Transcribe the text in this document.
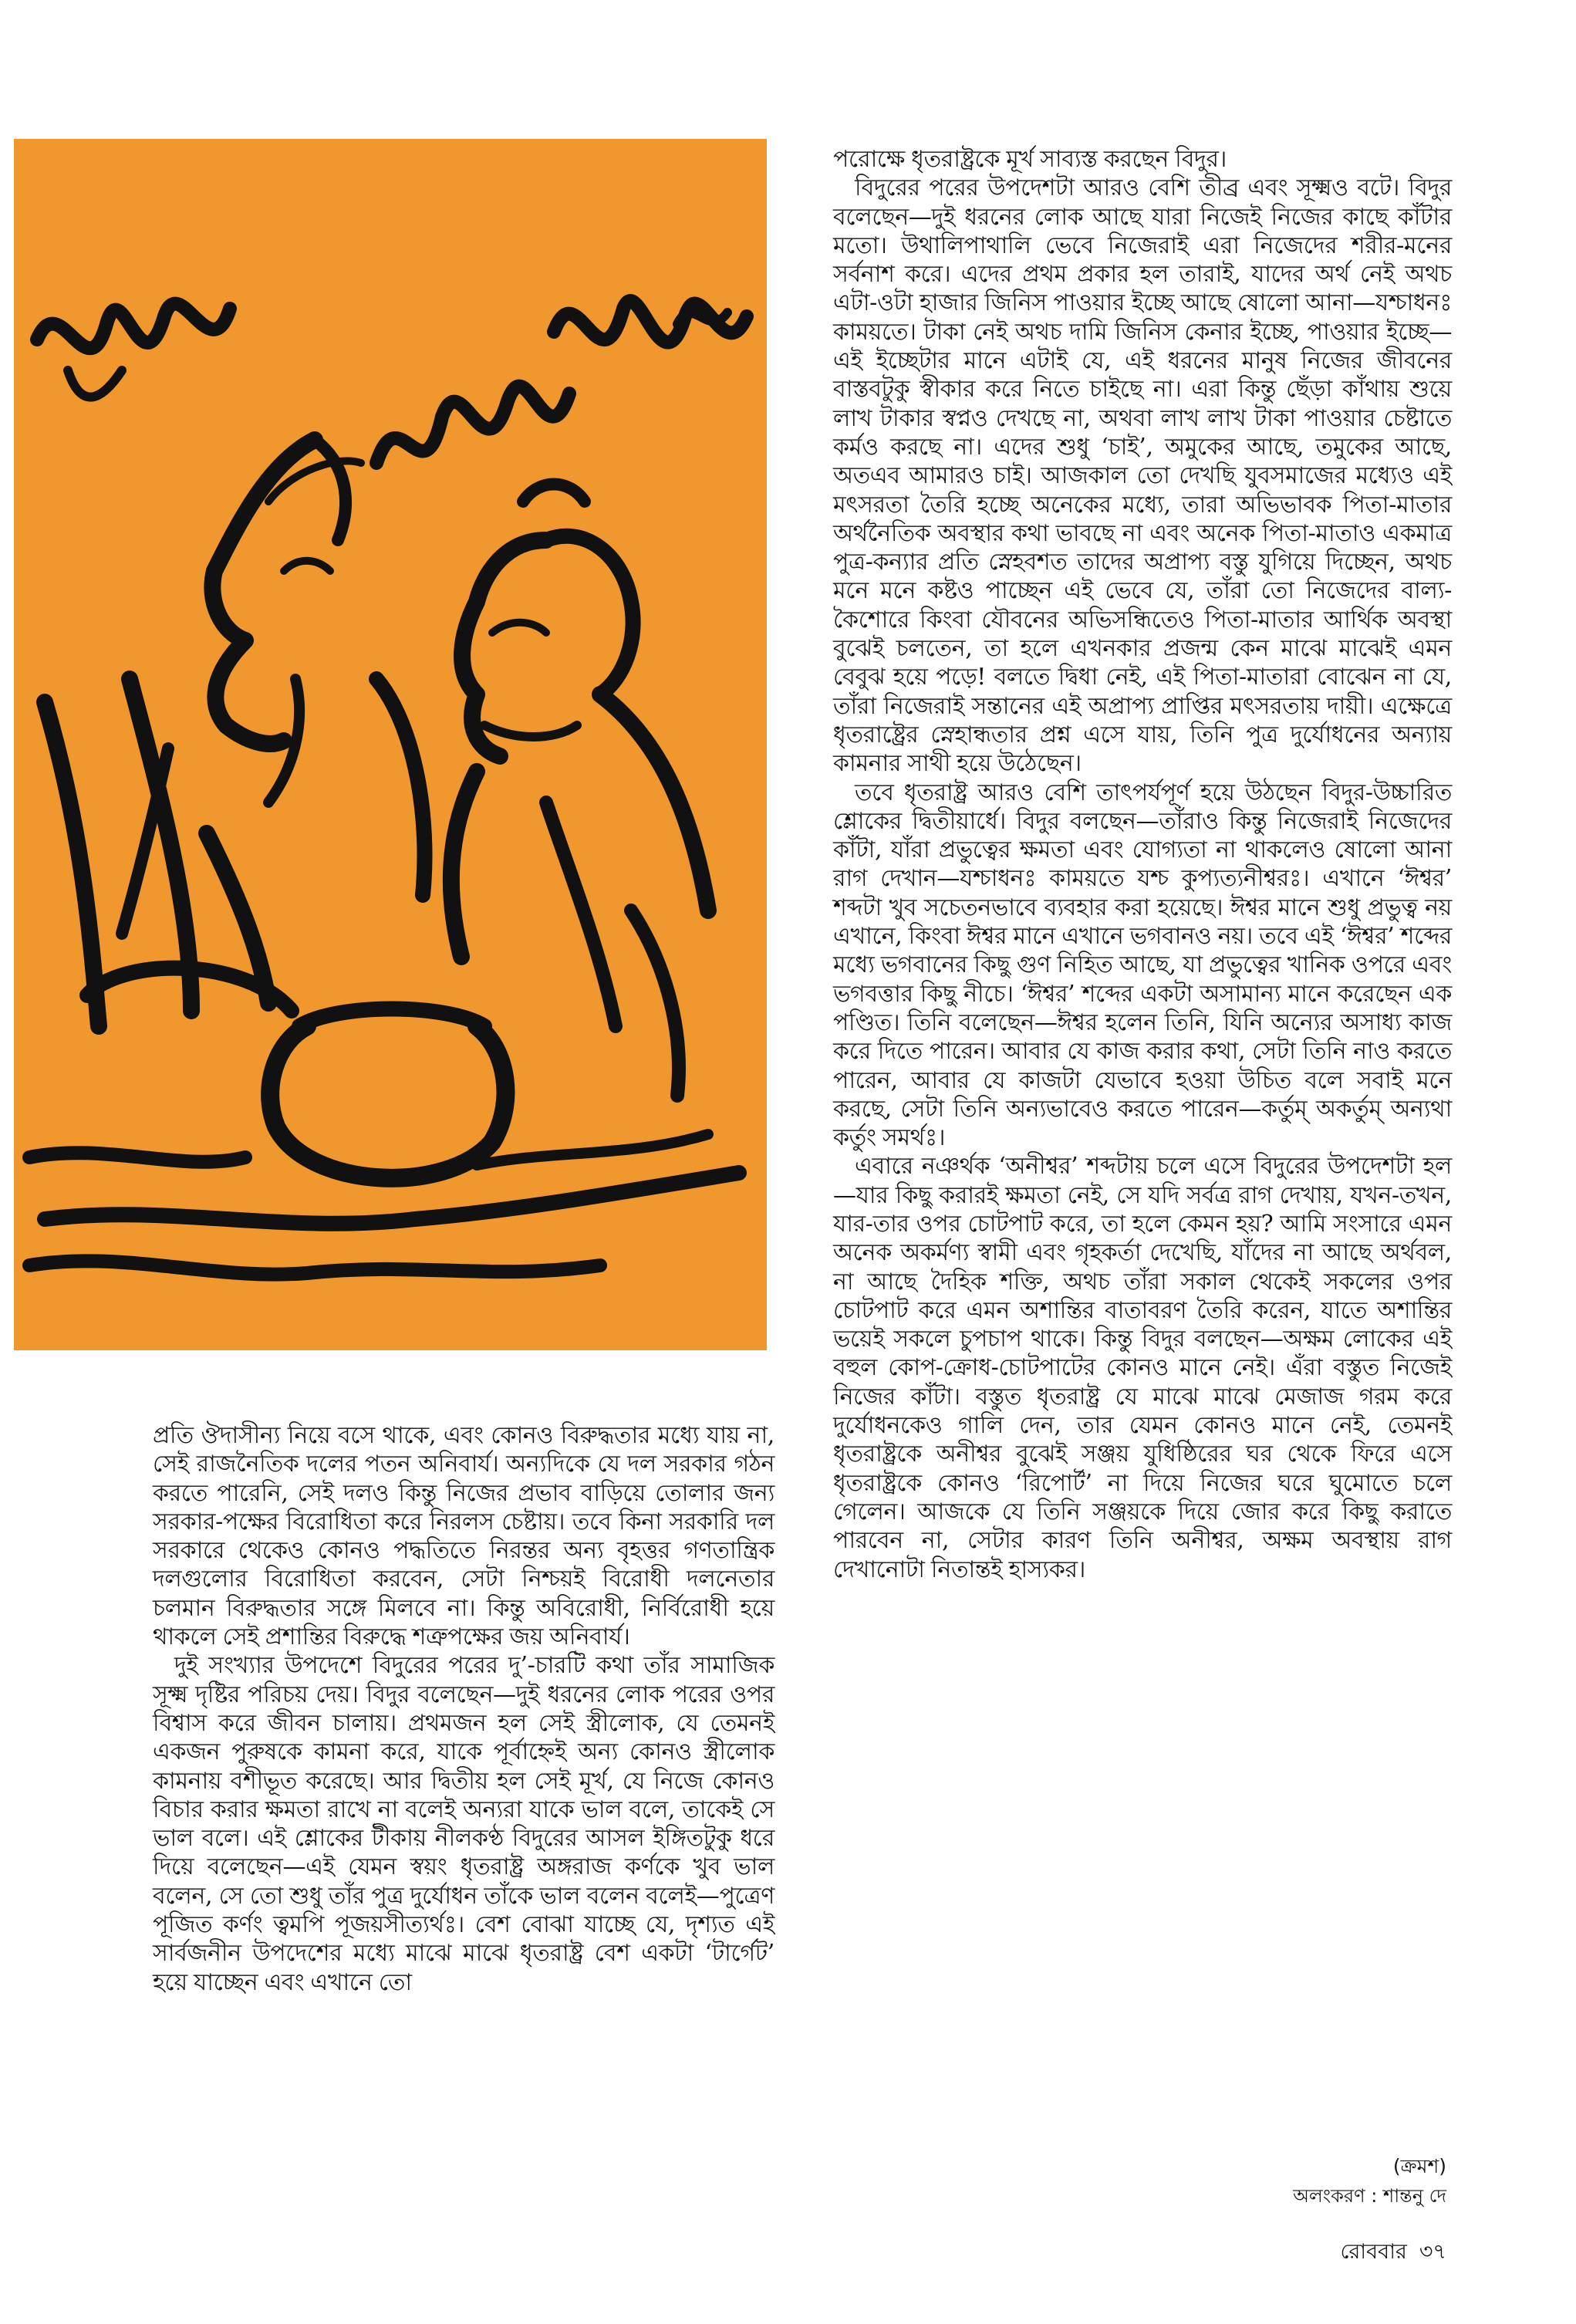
প্রতি ঔদাসীন্য নিয়ে বসে থাকে, এবং কোনও বিরুদ্ধতার মধ্যে যায় না, সেই রাজনৈতিক দলের পতন অনিবার্য। অন্যদিকে যে দল সরকার গঠন করতে পারেনি, সেই দলও কিন্তু নিজের প্রভাব বাড়িয়ে তোলার জন্য সরকার-পক্ষের বিরোধিতা করে নিরলস চেষ্টায়। তবে কিনা সরকারি দল সরকারে থেকেও কোনও পদ্ধতিতে নিরন্তর অন্য বৃহত্তর গণতান্ত্রিক দলগুলোর বিরোধিতা করবেন, সেটা নিশ্চয়ই বিরোধী দলনেতার চলমান বিরুদ্ধতার সঙ্গে মিলবে না। কিন্তু অবিরোধী, নির্বিরোধী হয়ে থাকলে সেই প্রশান্তির বিরুদ্ধে শত্রুপক্ষের জয় অনিবার্য।

দুই সংখ্যার উপদেশে বিদুরের পরের দু’-চারটি কথা তাঁর সামাজিক সূক্ষ্ম দৃষ্টির পরিচয় দেয়। বিদুর বলেছেন—দুই ধরনের লোক পরের ওপর বিশ্বাস করে জীবন চালায়। প্রথমজন হল সেই স্ত্রীলোক, যে তেমনই একজন পুরুষকে কামনা করে, যাকে পূর্বাহ্নেই অন্য কোনও স্ত্রীলোক কামনায় বশীভূত করেছে। আর দ্বিতীয় হল সেই মূর্খ, যে নিজে কোনও বিচার করার ক্ষমতা রাখে না বলেই অন্যরা যাকে ভাল বলে, তাকেই সে ভাল বলে। এই শ্লোকের টীকায় নীলকণ্ঠ বিদুরের আসল ইঙ্গিতটুকু ধরে দিয়ে বলেছেন—এই যেমন স্বয়ং ধৃতরাষ্ট্র অঙ্গরাজ কর্ণকে খুব ভাল বলেন, সে তো শুধু তাঁর পুত্র দুর্যোধন তাঁকে ভাল বলেন বলেই—পুত্রেণ পূজিত কর্ণং ত্বমপি পূজয়সীত্যর্থঃ। বেশ বোঝা যাচ্ছে যে, দৃশ্যত এই সার্বজনীন উপদেশের মধ্যে মাঝে মাঝে ধৃতরাষ্ট্র বেশ একটা ‘টার্গেট’ হয়ে যাচ্ছেন এবং এখানে তো

পরোক্ষে ধৃতরাষ্ট্রকে মূর্খ সাব্যস্ত করছেন বিদুর।

বিদুরের পরের উপদেশটা আরও বেশি তীব্র এবং সূক্ষ্মও বটে। বিদুর বলেছেন—দুই ধরনের লোক আছে যারা নিজেই নিজের কাছে কাঁটার মতো। উথালিপাথালি ভেবে নিজেরাই এরা নিজেদের শরীর-মনের সর্বনাশ করে। এদের প্রথম প্রকার হল তারাই, যাদের অর্থ নেই অথচ এটা-ওটা হাজার জিনিস পাওয়ার ইচ্ছে আছে ষোলো আনা—যশ্চাধনঃ কাময়তে। টাকা নেই অথচ দামি জিনিস কেনার ইচ্ছে, পাওয়ার ইচ্ছে—এই ইচ্ছেটার মানে এটাই যে, এই ধরনের মানুষ নিজের জীবনের বাস্তবটুকু স্বীকার করে নিতে চাইছে না। এরা কিন্তু ছেঁড়া কাঁথায় শুয়ে লাখ টাকার স্বপ্নও দেখছে না, অথবা লাখ লাখ টাকা পাওয়ার চেষ্টাতে কর্মও করছে না। এদের শুধু ‘চাই’, অমুকের আছে, তমুকের আছে, অতএব আমারও চাই। আজকাল তো দেখছি যুবসমাজের মধ্যেও এই মৎসরতা তৈরি হচ্ছে অনেকের মধ্যে, তারা অভিভাবক পিতা-মাতার অর্থনৈতিক অবস্থার কথা ভাবছে না এবং অনেক পিতা-মাতাও একমাত্র পুত্র-কন্যার প্রতি স্নেহবশত তাদের অপ্রাপ্য বস্তু যুগিয়ে দিচ্ছেন, অথচ মনে মনে কষ্টও পাচ্ছেন এই ভেবে যে, তাঁরা তো নিজেদের বাল্য-কৈশোরে কিংবা যৌবনের অভিসন্ধিতেও পিতা-মাতার আর্থিক অবস্থা বুঝেই চলতেন, তা হলে এখনকার প্রজন্ম কেন মাঝে মাঝেই এমন বেবুঝ হয়ে পড়ে! বলতে দ্বিধা নেই, এই পিতা-মাতারা বোঝেন না যে, তাঁরা নিজেরাই সন্তানের এই অপ্রাপ্য প্রাপ্তির মৎসরতায় দায়ী। এক্ষেত্রে ধৃতরাষ্ট্রের স্নেহান্ধতার প্রশ্ন এসে যায়, তিনি পুত্র দুর্যোধনের অন্যায় কামনার সাথী হয়ে উঠেছেন।

তবে ধৃতরাষ্ট্র আরও বেশি তাৎপর্যপূর্ণ হয়ে উঠছেন বিদুর-উচ্চারিত শ্লোকের দ্বিতীয়ার্ধে। বিদুর বলছেন—তাঁরাও কিন্তু নিজেরাই নিজেদের কাঁটা, যাঁরা প্রভুত্বের ক্ষমতা এবং যোগ্যতা না থাকলেও ষোলো আনা রাগ দেখান—যশ্চাধনঃ কাময়তে যশ্চ কুপ্যত্যনীশ্বরঃ। এখানে ‘ঈশ্বর’ শব্দটা খুব সচেতনভাবে ব্যবহার করা হয়েছে। ঈশ্বর মানে শুধু প্রভুত্ব নয় এখানে, কিংবা ঈশ্বর মানে এখানে ভগবানও নয়। তবে এই ‘ঈশ্বর’ শব্দের মধ্যে ভগবানের কিছু গুণ নিহিত আছে, যা প্রভুত্বের খানিক ওপরে এবং ভগবত্তার কিছু নীচে। ‘ঈশ্বর’ শব্দের একটা অসামান্য মানে করেছেন এক পণ্ডিত। তিনি বলেছেন—ঈশ্বর হলেন তিনি, যিনি অন্যের অসাধ্য কাজ করে দিতে পারেন। আবার যে কাজ করার কথা, সেটা তিনি নাও করতে পারেন, আবার যে কাজটা যেভাবে হওয়া উচিত বলে সবাই মনে করছে, সেটা তিনি অন্যভাবেও করতে পারেন—কর্তুম্‌ অকর্তুম্‌ অন্যথা কর্তুং সমর্থঃ।

এবারে নঞর্থক ‘অনীশ্বর’ শব্দটায় চলে এসে বিদুরের উপদেশটা হল—যার কিছু করারই ক্ষমতা নেই, সে যদি সর্বত্র রাগ দেখায়, যখন-তখন, যার-তার ওপর চোটপাট করে, তা হলে কেমন হয়? আমি সংসারে এমন অনেক অকর্মণ্য স্বামী এবং গৃহকর্তা দেখেছি, যাঁদের না আছে অর্থবল, না আছে দৈহিক শক্তি, অথচ তাঁরা সকাল থেকেই সকলের ওপর চোটপাট করে এমন অশান্তির বাতাবরণ তৈরি করেন, যাতে অশান্তির ভয়েই সকলে চুপচাপ থাকে। কিন্তু বিদুর বলছেন—অক্ষম লোকের এই বহুল কোপ-ক্রোধ-চোটপাটের কোনও মানে নেই। এঁরা বস্তুত নিজেই নিজের কাঁটা। বস্তুত ধৃতরাষ্ট্র যে মাঝে মাঝে মেজাজ গরম করে দুর্যোধনকেও গালি দেন, তার যেমন কোনও মানে নেই, তেমনই ধৃতরাষ্ট্রকে অনীশ্বর বুঝেই সঞ্জয় যুধিষ্ঠিরের ঘর থেকে ফিরে এসে ধৃতরাষ্ট্রকে কোনও ‘রিপোর্ট’ না দিয়ে নিজের ঘরে ঘুমোতে চলে গেলেন। আজকে যে তিনি সঞ্জয়কে দিয়ে জোর করে কিছু করাতে পারবেন না, সেটার কারণ তিনি অনীশ্বর, অক্ষম অবস্থায় রাগ দেখানোটা নিতান্তই হাস্যকর।

(ক্রমশ)
অলংকরণ : শান্তনু দে
রোববার ৩৭
